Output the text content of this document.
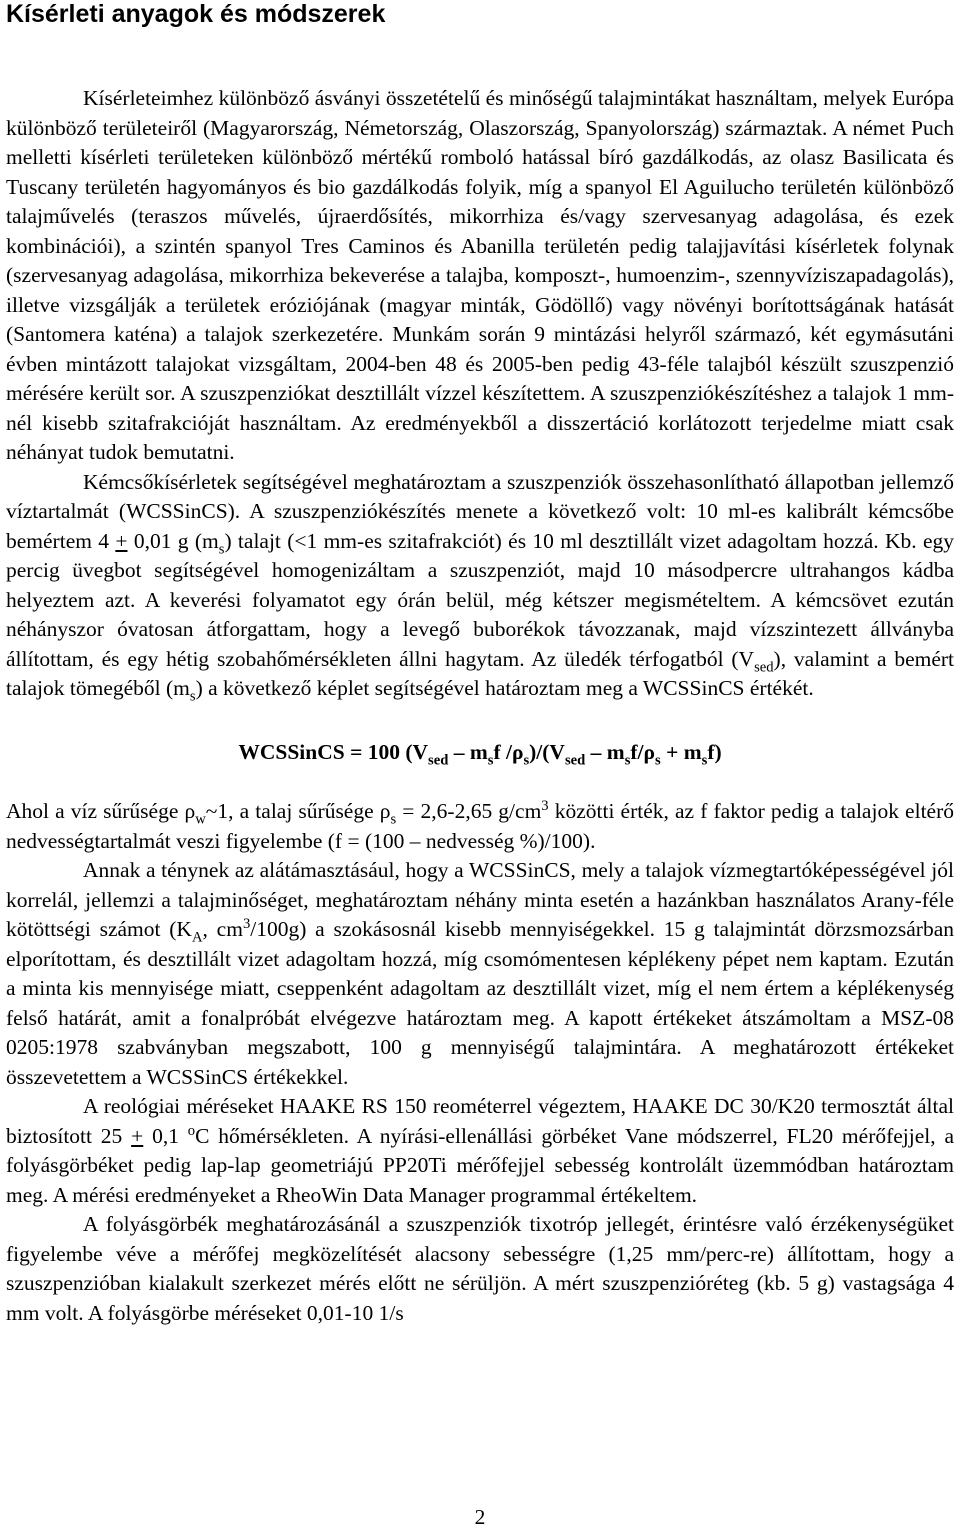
Kísérleti anyagok és módszerek

Kísérleteimhez különböző ásványi összetételű és minőségű talajmintákat használtam, melyek Európa különböző területeiről (Magyarország, Németország, Olaszország, Spanyolország) származtak. A német Puch melletti kísérleti területeken különböző mértékű romboló hatással bíró gazdálkodás, az olasz Basilicata és Tuscany területén hagyományos és bio gazdálkodás folyik, míg a spanyol El Aguilucho területén különböző talajművelés (teraszos művelés, újraerdősítés, mikorrhiza és/vagy szervesanyag adagolása, és ezek kombinációi), a szintén spanyol Tres Caminos és Abanilla területén pedig talajjavítási kísérletek folynak (szervesanyag adagolása, mikorrhiza bekeverése a talajba, komposzt-, humoenzim-, szennyvíziszapadagolás), illetve vizsgálják a területek eróziójának (magyar minták, Gödöllő) vagy növényi borítottságának hatását (Santomera katéna) a talajok szerkezetére. Munkám során 9 mintázási helyről származó, két egymásutáni évben mintázott talajokat vizsgáltam, 2004-ben 48 és 2005-ben pedig 43-féle talajból készült szuszpenzió mérésére került sor. A szuszpenziókat desztillált vízzel készítettem. A szuszpenziókészítéshez a talajok 1 mm-nél kisebb szitafrakcióját használtam. Az eredményekből a disszertáció korlátozott terjedelme miatt csak néhányat tudok bemutatni.

Kémcsőkísérletek segítségével meghatároztam a szuszpenziók összehasonlítható állapotban jellemző víztartalmát (WCSSinCS). A szuszpenziókészítés menete a következő volt: 10 ml-es kalibrált kémcsőbe bemértem 4 + 0,01 g $(m_s)$ talajt (<1 mm-es szitafrakciót) és 10 ml desztillált vizet adagoltam hozzá. Kb. egy percig üvegbot segítségével homogenizáltam a szuszpenziót, majd 10 másodpercre ultrahangos kádba helyeztem azt. A keverési folyamatot egy órán belül, még kétszer megismételtem. A kémcsövet ezután néhányszor óvatosan átforgattam, hogy a levegő buborékok távozzanak, majd vízszintezett állványba állítottam, és egy hétig szobahőmérsékleten állni hagytam. Az üledék térfogatból $(V_{sed})$, valamint a bemért talajok tömegéből $(m_s)$ a következő képlet segítségével határoztam meg a WCSSinCS értékét.

WCSSinCS = 100 ($V_{sed} - m_sf$ $/\rho_s)/(V_{sed} - m_sf/\rho_s + m_sf)$

Ahol a víz sűrűsége $\rho_w\sim 1$, a talaj sűrűsége $\rho_s = 2,6-2,65$ $g/cm^3$ közötti érték, az f faktor pedig a talajok eltérő nedvességtartalmát veszi figyelembe (f = (100 – nedvesség %)/100).

Annak a ténynek az alátámasztásául, hogy a WCSSinCS, mely a talajok vízmegtartóképességével jól korrelál, jellemzi a talajminőséget, meghatároztam néhány minta esetén a hazánkban használatos Arany-féle kötöttségi számot ($K_A$, $cm^3/100g$) a szokásosnál kisebb mennyiségekkel. 15 g talajmintát dörzsmozsárban elporítottam, és desztillált vizet adagoltam hozzá, míg csomómentesen képlékeny pépet nem kaptam. Ezután a minta kis mennyisége miatt, cseppenként adagoltam az desztillált vizet, míg el nem értem a képlékenység felső határát, amit a fonalpróbát elvégezve határoztam meg. A kapott értékeket átszámoltam a MSZ-08 0205:1978 szabványban megszabott, 100 g mennyiségű talajmintára. A meghatározott értékeket összevetettem a WCSSinCS értékekkel.

A reológiai méréseket HAAKE RS 150 reométerrel végeztem, HAAKE DC 30/K20 termosztát által biztosított 25 + 0,1 $^o$C hőmérsékleten. A nyírási-ellenállási görbéket Vane módszerrel, FL20 mérőfejjel, a folyásgörbéket pedig lap-lap geometriájú PP20Ti mérőfejjel sebesség kontrolált üzemmódban határoztam meg. A mérési eredményeket a RheoWin Data Manager programmal értékeltem.

A folyásgörbék meghatározásánál a szuszpenziók tixotróp jellegét, érintésre való érzékenységüket figyelembe véve a mérőfej megközelítését alacsony sebességre (1,25 mm/perc-re) állítottam, hogy a szuszpenzióban kialakult szerkezet mérés előtt ne sérüljön. A mért szuszpenzióréteg (kb. 5 g) vastagsága 4 mm volt. A folyásgörbe méréseket 0,01-10 1/s

2
